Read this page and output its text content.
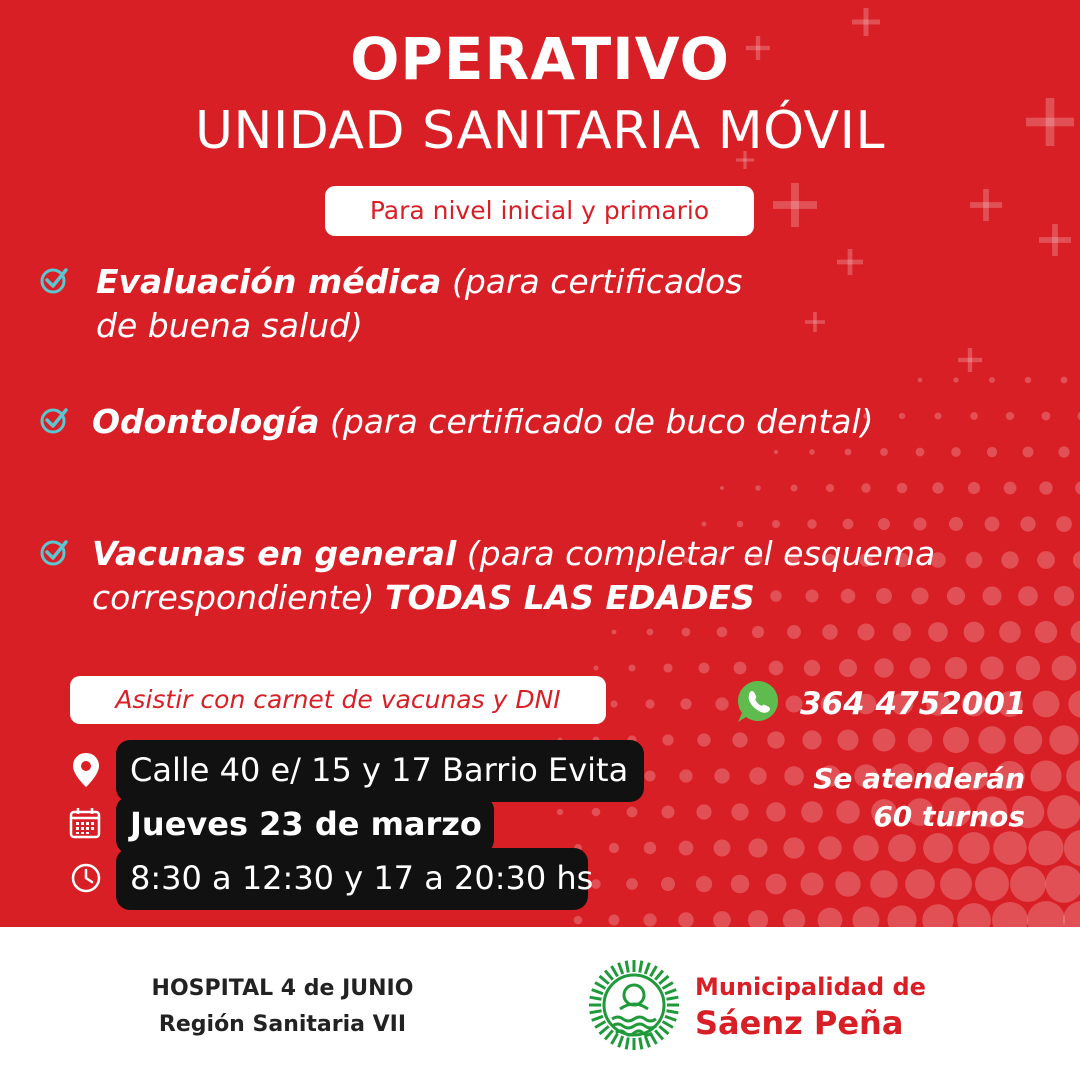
OPERATIVO
UNIDAD SANITARIA MÓVIL
Para nivel inicial y primario
Evaluación médica (para certificados
de buena salud)
Odontología (para certificado de buco dental)
Vacunas en general (para completar el esquema
correspondiente) TODAS LAS EDADES
Asistir con carnet de vacunas y DNI	364 4752001
Calle 40 e/ 15 y 17 Barrio Evita
Jueves 23 de marzo
8:30 a 12:30 y 17 a 20:30 hs
Se atenderán
60 turnos
HOSPITAL 4 de JUNIO
Región Sanitaria VII
Municipalidad de
Sáenz Peña
